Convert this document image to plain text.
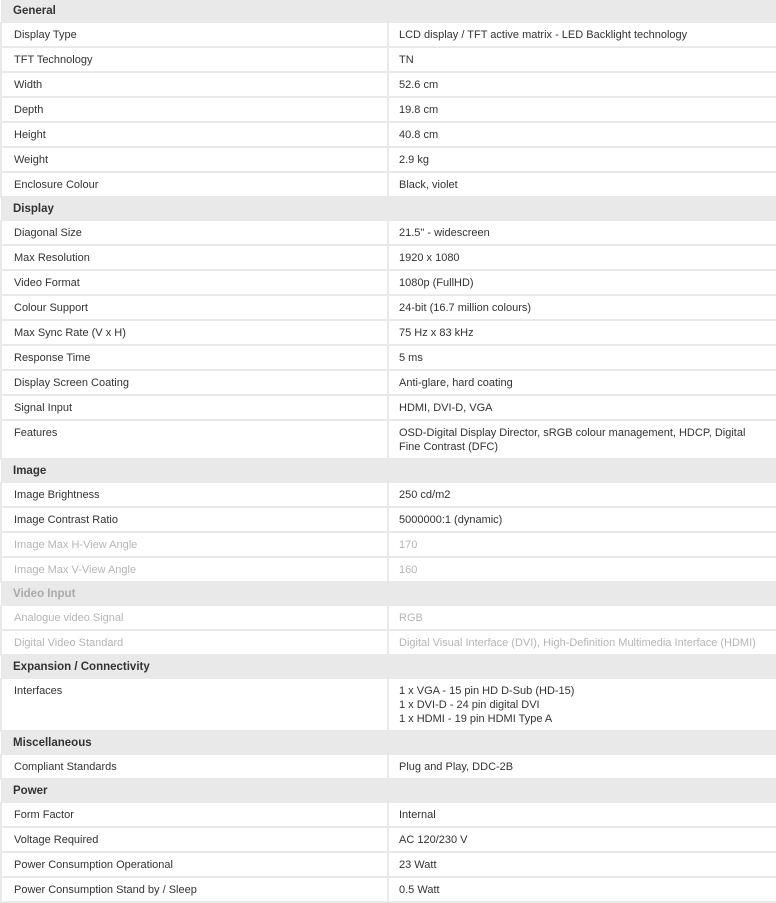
General	
Display Type	LCD display / TFT active matrix - LED Backlight technology
TFT Technology	TN
Width	52.6 cm
Depth	19.8 cm
Height	40.8 cm
Weight	2.9 kg
Enclosure Colour	Black, violet
Display	
Diagonal Size	21.5" - widescreen
Max Resolution	1920 x 1080
Video Format	1080p (FullHD)
Colour Support	24-bit (16.7 million colours)
Max Sync Rate (V x H)	75 Hz x 83 kHz
Response Time	5 ms
Display Screen Coating	Anti-glare, hard coating
Signal Input	HDMI, DVI-D, VGA
Features	OSD-Digital Display Director, sRGB colour management, HDCP, Digital Fine Contrast (DFC)
Image	
Image Brightness	250 cd/m2
Image Contrast Ratio	5000000:1 (dynamic)
Image Max H-View Angle	170
Image Max V-View Angle	160
Video Input	
Analogue video Signal	RGB
Digital Video Standard	Digital Visual Interface (DVI), High-Definition Multimedia Interface (HDMI)
Expansion / Connectivity	
Interfaces	1 x VGA - 15 pin HD D-Sub (HD-15)
1 x DVI-D - 24 pin digital DVI
1 x HDMI - 19 pin HDMI Type A

Miscellaneous	
Compliant Standards	Plug and Play, DDC-2B
Power	
Form Factor	Internal
Voltage Required	AC 120/230 V
Power Consumption Operational	23 Watt
Power Consumption Stand by / Sleep	0.5 Watt
